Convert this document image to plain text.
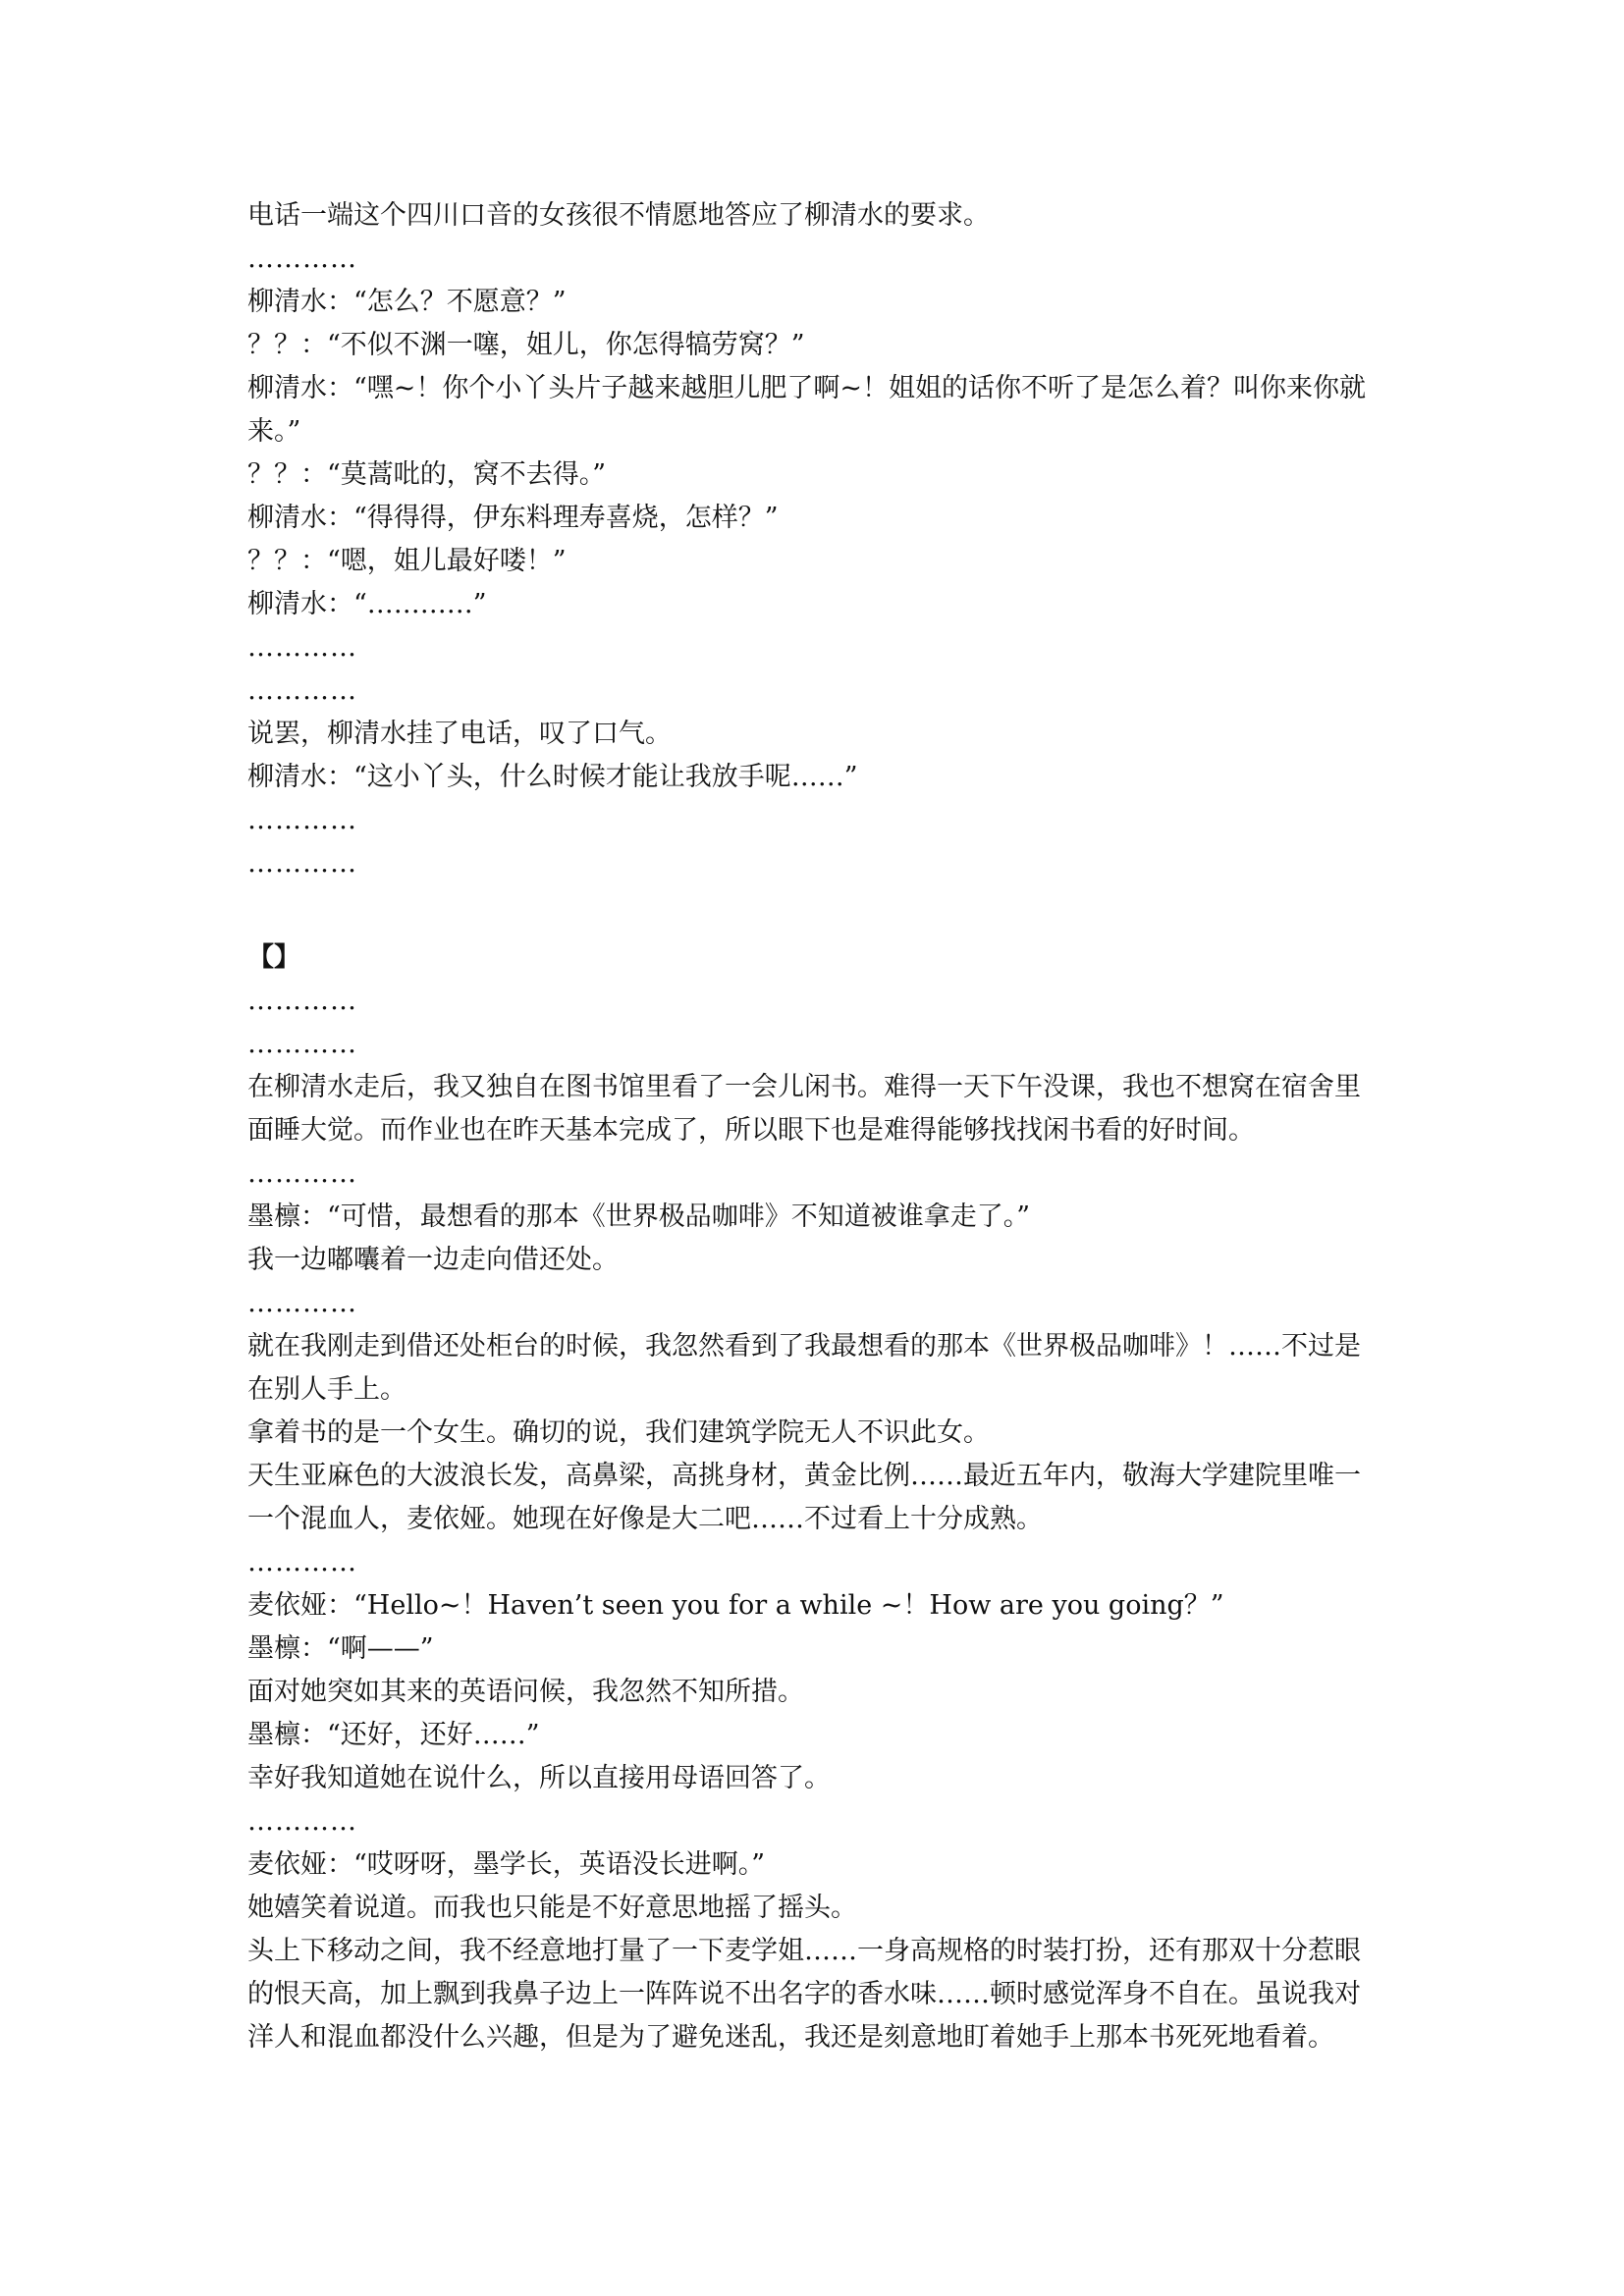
电话一端这个四川口音的女孩很不情愿地答应了柳清水的要求。
…………
柳清水：“怎么？不愿意？”
？？：“不似不渊一噻，姐儿，你怎得犒劳窝？”
柳清水：“嘿~！你个小丫头片子越来越胆儿肥了啊~！姐姐的话你不听了是怎么着？叫你来你就来。”
？？：“莫蒿吡的，窝不去得。”
柳清水：“得得得，伊东料理寿喜烧，怎样？”
？？：“嗯，姐儿最好喽！”
柳清水：“…………”
…………
…………
说罢，柳清水挂了电话，叹了口气。
柳清水：“这小丫头，什么时候才能让我放手呢……”
…………
…………
【】
…………
…………
在柳清水走后，我又独自在图书馆里看了一会儿闲书。难得一天下午没课，我也不想窝在宿舍里面睡大觉。而作业也在昨天基本完成了，所以眼下也是难得能够找找闲书看的好时间。
…………
墨檩：“可惜，最想看的那本《世界极品咖啡》不知道被谁拿走了。”
我一边嘟囔着一边走向借还处。
…………
就在我刚走到借还处柜台的时候，我忽然看到了我最想看的那本《世界极品咖啡》！……不过是在别人手上。
拿着书的是一个女生。确切的说，我们建筑学院无人不识此女。
天生亚麻色的大波浪长发，高鼻梁，高挑身材，黄金比例……最近五年内，敬海大学建院里唯一一个混血人，麦依娅。她现在好像是大二吧……不过看上十分成熟。
…………
麦依娅：“Hello~！Haven’t seen you for a while ~！How are you going？”
墨檩：“啊——”
面对她突如其来的英语问候，我忽然不知所措。
墨檩：“还好，还好……”
幸好我知道她在说什么，所以直接用母语回答了。
…………
麦依娅：“哎呀呀，墨学长，英语没长进啊。”
她嬉笑着说道。而我也只能是不好意思地摇了摇头。
头上下移动之间，我不经意地打量了一下麦学姐……一身高规格的时装打扮，还有那双十分惹眼的恨天高，加上飘到我鼻子边上一阵阵说不出名字的香水味……顿时感觉浑身不自在。虽说我对洋人和混血都没什么兴趣，但是为了避免迷乱，我还是刻意地盯着她手上那本书死死地看着。
